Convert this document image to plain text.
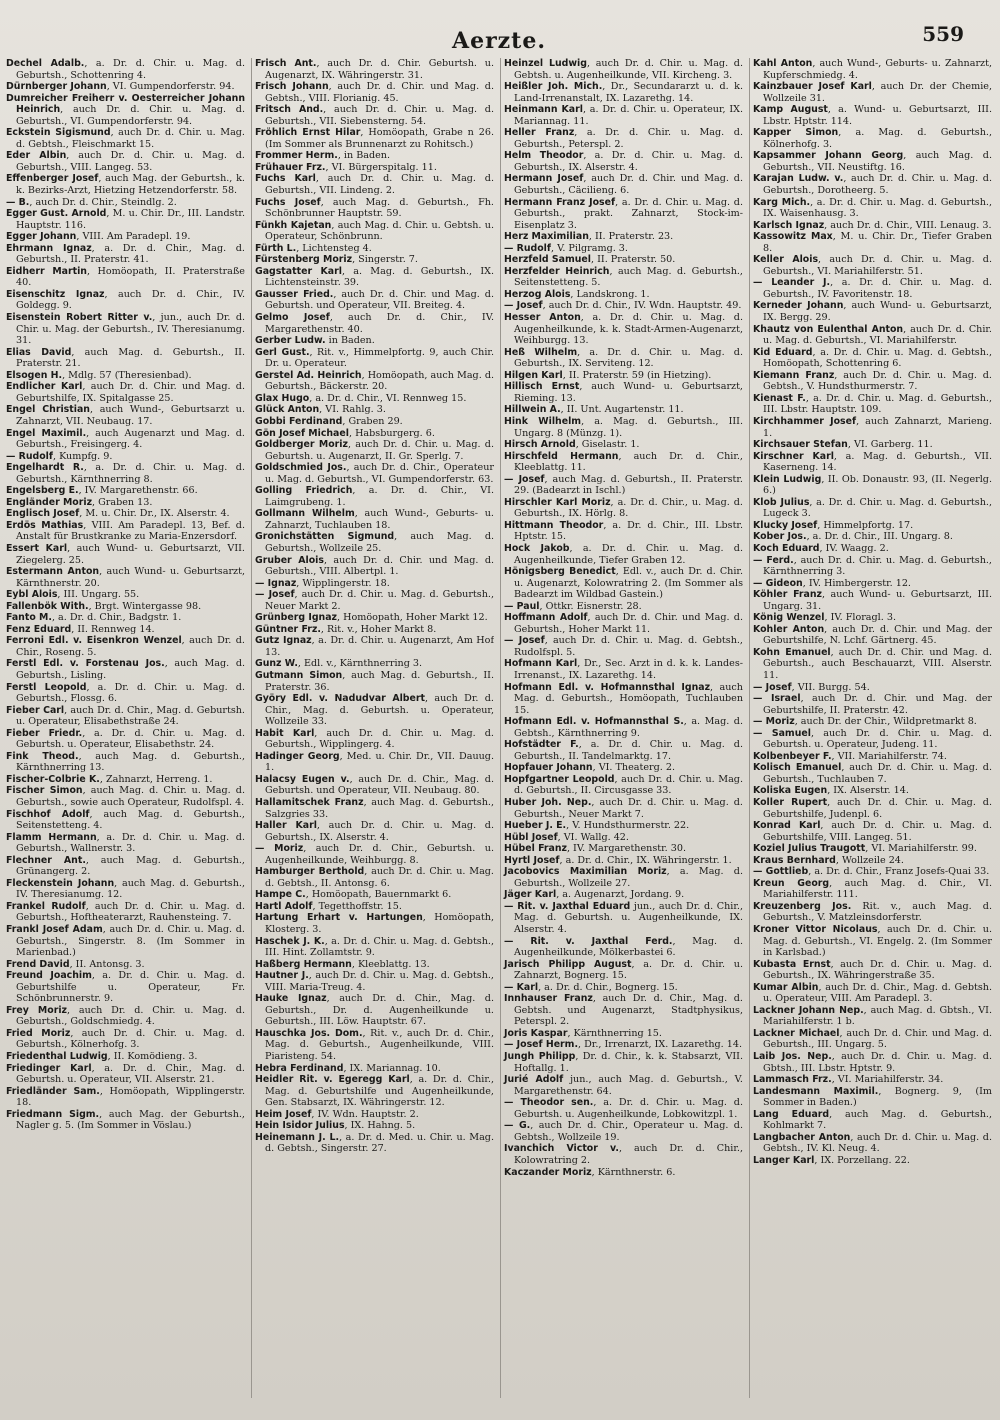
Aerzte.	559

Dechel Adalb., a. Dr. d. Chir. u. Mag. d. Geburtsh., Schottenring 4.

Dürnberger Johann, VI. Gumpendorferstr. 94.

Dumreicher Freiherr v. Oesterreicher Johann Heinrich, auch Dr. d. Chir. u. Mag. d. Geburtsh., VI. Gumpendorferstr. 94.

Eckstein Sigismund, auch Dr. d. Chir. u. Mag. d. Gebtsh., Fleischmarkt 15.

Eder Albin, auch Dr. d. Chir. u. Mag. d. Geburtsh., VIII. Langeg. 53.

Effenberger Josef, auch Mag. der Geburtsh., k. k. Bezirks-Arzt, Hietzing Hetzendorferstr. 58.

— B., auch Dr. d. Chir., Steindlg. 2.

Egger Gust. Arnold, M. u. Chir. Dr., III. Landstr. Hauptstr. 116.

Egger Johann, VIII. Am Paradepl. 19.

Ehrmann Ignaz, a. Dr. d. Chir., Mag. d. Geburtsh., II. Praterstr. 41.

Eidherr Martin, Homöopath, II. Praterstraße 40.

Eisenschitz Ignaz, auch Dr. d. Chir., IV. Goldegg. 9.

Eisenstein Robert Ritter v., jun., auch Dr. d. Chir. u. Mag. der Geburtsh., IV. Theresianumg. 31.

Elias David, auch Mag. d. Geburtsh., II. Praterstr. 21.

Elsogen H., Mdlg. 57 (Theresienbad).

Endlicher Karl, auch Dr. d. Chir. und Mag. d. Geburtshilfe, IX. Spitalgasse 25.

Engel Christian, auch Wund-, Geburtsarzt u. Zahnarzt, VII. Neubaug. 17.

Engel Maximil., auch Augenarzt und Mag. d. Geburtsh., Freisingerg. 4.

— Rudolf, Kumpfg. 9.

Engelhardt R., a. Dr. d. Chir. u. Mag. d. Geburtsh., Kärnthnerring 8.

Engelsberg E., IV. Margarethenstr. 66.

Engländer Moriz, Graben 13.

Englisch Josef, M. u. Chir. Dr., IX. Alserstr. 4.

Erdös Mathias, VIII. Am Paradepl. 13, Bef. d. Anstalt für Brustkranke zu Maria-Enzersdorf.

Essert Karl, auch Wund- u. Geburtsarzt, VII. Ziegelerg. 25.

Estermann Anton, auch Wund- u. Geburtsarzt, Kärnthnerstr. 20.

Eybl Alois, III. Ungarg. 55.

Fallenbök With., Brgt. Wintergasse 98.

Fanto M., a. Dr. d. Chir., Badgstr. 1.

Fenz Eduard, II. Rennweg 14.

Ferroni Edl. v. Eisenkron Wenzel, auch Dr. d. Chir., Roseng. 5.

Ferstl Edl. v. Forstenau Jos., auch Mag. d. Geburtsh., Lisling.

Ferstl Leopold, a. Dr. d. Chir. u. Mag. d. Geburtsh., Flossg. 6.

Fieber Carl, auch Dr. d. Chir., Mag. d. Geburtsh. u. Operateur, Elisabethstraße 24.

Fieber Friedr., a. Dr. d. Chir. u. Mag. d. Geburtsh. u. Operateur, Elisabethstr. 24.

Fink Theod., auch Mag. d. Geburtsh., Kärnthnerring 13.

Fischer-Colbrie K., Zahnarzt, Herreng. 1.

Fischer Simon, auch Mag. d. Chir. u. Mag. d. Geburtsh., sowie auch Operateur, Rudolfspl. 4.

Fischhof Adolf, auch Mag. d. Geburtsh., Seitenstetteng. 4.

Flamm Hermann, a. Dr. d. Chir. u. Mag. d. Geburtsh., Wallnerstr. 3.

Flechner Ant., auch Mag. d. Geburtsh., Grünangerg. 2.

Fleckenstein Johann, auch Mag. d. Geburtsh., IV. Theresianumg. 12.

Frankel Rudolf, auch Dr. d. Chir. u. Mag. d. Geburtsh., Hoftheaterarzt, Rauhensteing. 7.

Frankl Josef Adam, auch Dr. d. Chir. u. Mag. d. Geburtsh., Singerstr. 8. (Im Sommer in Marienbad.)

Frend David, II. Antonsg. 3.

Freund Joachim, a. Dr. d. Chir. u. Mag. d. Geburtshilfe u. Operateur, Fr. Schönbrunnerstr. 9.

Frey Moriz, auch Dr. d. Chir. u. Mag. d. Geburtsh., Goldschmiedg. 4.

Fried Moriz, auch Dr. d. Chir. u. Mag. d. Geburtsh., Kölnerhofg. 3.

Friedenthal Ludwig, II. Komödieng. 3.

Friedinger Karl, a. Dr. d. Chir., Mag. d. Geburtsh. u. Operateur, VII. Alserstr. 21.

Friedländer Sam., Homöopath, Wipplingerstr. 18.

Friedmann Sigm., auch Mag. der Geburtsh., Nagler g. 5. (Im Sommer in Vöslau.)

Frisch Ant., auch Dr. d. Chir. Geburtsh. u. Augenarzt, IX. Währingerstr. 31.

Frisch Johann, auch Dr. d. Chir. und Mag. d. Gebtsh., VIII. Florianig. 45.

Fritsch And., auch Dr. d. Chir. u. Mag. d. Geburtsh., VII. Siebensterng. 54.

Fröhlich Ernst Hilar, Homöopath, Grabe n 26. (Im Sommer als Brunnenarzt zu Rohitsch.)

Frommer Herm., in Baden.

Frühauer Frz., VI. Bürgerspitalg. 11.

Fuchs Karl, auch Dr. d. Chir. u. Mag. d. Geburtsh., VII. Lindeng. 2.

Fuchs Josef, auch Mag. d. Geburtsh., Fh. Schönbrunner Hauptstr. 59.

Fünkh Kajetan, auch Mag. d. Chir. u. Gebtsh. u. Operateur, Schönbrunn.

Fürth L., Lichtensteg 4.

Fürstenberg Moriz, Singerstr. 7.

Gagstatter Karl, a. Mag. d. Geburtsh., IX. Lichtensteinstr. 39.

Gausser Fried., auch Dr. d. Chir. und Mag. d. Geburtsh. und Operateur, VII. Breiteg. 4.

Gelmo Josef, auch Dr. d. Chir., IV. Margarethenstr. 40.

Gerber Ludw. in Baden.

Gerl Gust., Rit. v., Himmelpfortg. 9, auch Chir. Dr. u. Operateur.

Gerstel Ad. Heinrich, Homöopath, auch Mag. d. Geburtsh., Bäckerstr. 20.

Glax Hugo, a. Dr. d. Chir., VI. Rennweg 15.

Glück Anton, VI. Rahlg. 3.

Gobbi Ferdinand, Graben 29.

Gön Josef Michael, Habsburgerg. 6.

Goldberger Moriz, auch Dr. d. Chir. u. Mag. d. Geburtsh. u. Augenarzt, II. Gr. Sperlg. 7.

Goldschmied Jos., auch Dr. d. Chir., Operateur u. Mag. d. Geburtsh., VI. Gumpendorferstr. 63.

Golling Friedrich, a. Dr. d. Chir., VI. Laimgrubeng. 1.

Gollmann Wilhelm, auch Wund-, Geburts- u. Zahnarzt, Tuchlauben 18.

Gronichstätten Sigmund, auch Mag. d. Geburtsh., Wollzeile 25.

Gruber Alois, auch Dr. d. Chir. und Mag. d. Geburtsh., VIII. Albertpl. 1.

— Ignaz, Wipplingerstr. 18.

— Josef, auch Dr. d. Chir. u. Mag. d. Geburtsh., Neuer Markt 2.

Grünberg Ignaz, Homöopath, Hoher Markt 12.

Güntner Frz., Rit. v., Hoher Markt 8.

Gutz Ignaz, a. Dr. d. Chir. u. Augenarzt, Am Hof 13.

Gunz W., Edl. v., Kärnthnerring 3.

Gutmann Simon, auch Mag. d. Geburtsh., II. Praterstr. 36.

Györy Edl. v. Nadudvar Albert, auch Dr. d. Chir., Mag. d. Geburtsh. u. Operateur, Wollzeile 33.

Habit Karl, auch Dr. d. Chir. u. Mag. d. Geburtsh., Wipplingerg. 4.

Hadinger Georg, Med. u. Chir. Dr., VII. Dauug. 1.

Halacsy Eugen v., auch Dr. d. Chir., Mag. d. Geburtsh. und Operateur, VII. Neubaug. 80.

Hallamitschek Franz, auch Mag. d. Geburtsh., Salzgries 33.

Haller Karl, auch Dr. d. Chir. u. Mag. d. Geburtsh., IX. Alserstr. 4.

— Moriz, auch Dr. d. Chir., Geburtsh. u. Augenheilkunde, Weihburgg. 8.

Hamburger Berthold, auch Dr. d. Chir. u. Mag. d. Gebtsh., II. Antonsg. 6.

Hampe C., Homöopath, Bauernmarkt 6.

Hartl Adolf, Tegetthoffstr. 15.

Hartung Erhart v. Hartungen, Homöopath, Klosterg. 3.

Haschek J. K., a. Dr. d. Chir. u. Mag. d. Gebtsh., III. Hint. Zollamtstr. 9.

Haßberg Hermann, Kleeblattg. 13.

Hautner J., auch Dr. d. Chir. u. Mag. d. Gebtsh., VIII. Maria-Treug. 4.

Hauke Ignaz, auch Dr. d. Chir., Mag. d. Geburtsh., Dr. d. Augenheilkunde u. Geburtsh., III. Löw. Hauptstr. 67.

Hauschka Jos. Dom., Rit. v., auch Dr. d. Chir., Mag. d. Geburtsh., Augenheilkunde, VIII. Piaristeng. 54.

Hebra Ferdinand, IX. Mariannag. 10.

Heidler Rit. v. Egeregg Karl, a. Dr. d. Chir., Mag. d. Geburtshilfe und Augenheilkunde, Gen. Stabsarzt, IX. Währingerstr. 12.

Heim Josef, IV. Wdn. Hauptstr. 2.

Hein Isidor Julius, IX. Hahng. 5.

Heinemann J. L., a. Dr. d. Med. u. Chir. u. Mag. d. Gebtsh., Singerstr. 27.

Heinzel Ludwig, auch Dr. d. Chir. u. Mag. d. Gebtsh. u. Augenheilkunde, VII. Kircheng. 3.

Heißler Joh. Mich., Dr., Secundararzt u. d. k. Land-Irrenanstalt, IX. Lazarethg. 14.

Heinmann Karl, a. Dr. d. Chir. u. Operateur, IX. Mariannag. 11.

Heller Franz, a. Dr. d. Chir. u. Mag. d. Geburtsh., Peterspl. 2.

Helm Theodor, a. Dr. d. Chir. u. Mag. d. Geburtsh., IX. Alserstr. 4.

Hermann Josef, auch Dr. d. Chir. und Mag. d. Geburtsh., Cäcilieng. 6.

Hermann Franz Josef, a. Dr. d. Chir. u. Mag. d. Geburtsh., prakt. Zahnarzt, Stock-im-Eisenplatz 3.

Herz Maximilian, II. Praterstr. 23.

— Rudolf, V. Pilgramg. 3.

Herzfeld Samuel, II. Praterstr. 50.

Herzfelder Heinrich, auch Mag. d. Geburtsh., Seitenstetteng. 5.

Herzog Alois, Landskrong. 1.

— Josef, auch Dr. d. Chir., IV. Wdn. Hauptstr. 49.

Hesser Anton, a. Dr. d. Chir. u. Mag. d. Augenheilkunde, k. k. Stadt-Armen-Augenarzt, Weihburgg. 13.

Heß Wilhelm, a. Dr. d. Chir. u. Mag. d. Geburtsh., IX. Serviteng. 12.

Hilgen Karl, II. Praterstr. 59 (in Hietzing).

Hillisch Ernst, auch Wund- u. Geburtsarzt, Rieming. 13.

Hillwein A., II. Unt. Augartenstr. 11.

Hink Wilhelm, a. Mag. d. Geburtsh., III. Ungarg. 8 (Münzg. 1).

Hirsch Arnold, Giselastr. 1.

Hirschfeld Hermann, auch Dr. d. Chir., Kleeblattg. 11.

— Josef, auch Mag. d. Geburtsh., II. Praterstr. 29. (Badearzt in Ischl.)

Hirschler Karl Moriz, a. Dr. d. Chir., u. Mag. d. Geburtsh., IX. Hörlg. 8.

Hittmann Theodor, a. Dr. d. Chir., III. Lbstr. Hptstr. 15.

Hock Jakob, a. Dr. d. Chir. u. Mag. d. Augenheilkunde, Tiefer Graben 12.

Hönigsberg Benedict, Edl. v., auch Dr. d. Chir. u. Augenarzt, Kolowratring 2. (Im Sommer als Badearzt im Wildbad Gastein.)

— Paul, Ottkr. Eisnerstr. 28.

Hoffmann Adolf, auch Dr. d. Chir. und Mag. d. Geburtsh., Hoher Markt 11.

— Josef, auch Dr. d. Chir. u. Mag. d. Gebtsh., Rudolfspl. 5.

Hofmann Karl, Dr., Sec. Arzt in d. k. k. Landes-Irrenanst., IX. Lazarethg. 14.

Hofmann Edl. v. Hofmannsthal Ignaz, auch Mag. d. Geburtsh., Homöopath, Tuchlauben 15.

Hofmann Edl. v. Hofmannsthal S., a. Mag. d. Gebtsh., Kärnthnerring 9.

Hofstädter F., a. Dr. d. Chir. u. Mag. d. Geburtsh., II. Tandelmarktg. 17.

Hopfauer Johann, VI. Theaterg. 2.

Hopfgartner Leopold, auch Dr. d. Chir. u. Mag. d. Geburtsh., II. Circusgasse 33.

Huber Joh. Nep., auch Dr. d. Chir. u. Mag. d. Geburtsh., Neuer Markt 7.

Hueber J. E., V. Hundsthurmerstr. 22.

Hübl Josef, VI. Wallg. 42.

Hübel Franz, IV. Margarethenstr. 30.

Hyrtl Josef, a. Dr. d. Chir., IX. Währingerstr. 1.

Jacobovics Maximilian Moriz, a. Mag. d. Geburtsh., Wollzeile 27.

Jäger Karl, a. Augenarzt, Jordang. 9.

— Rit. v. Jaxthal Eduard jun., auch Dr. d. Chir., Mag. d. Geburtsh. u. Augenheilkunde, IX. Alserstr. 4.

— Rit. v. Jaxthal Ferd., Mag. d. Augenheilkunde, Mölkerbastei 6.

Jarisch Philipp August, a. Dr. d. Chir. u. Zahnarzt, Bognerg. 15.

— Karl, a. Dr. d. Chir., Bognerg. 15.

Innhauser Franz, auch Dr. d. Chir., Mag. d. Gebtsh. und Augenarzt, Stadtphysikus, Peterspl. 2.

Joris Kaspar, Kärnthnerring 15.

— Josef Herm., Dr., Irrenarzt, IX. Lazarethg. 14.

Jungh Philipp, Dr. d. Chir., k. k. Stabsarzt, VII. Hoftallg. 1.

Jurié Adolf jun., auch Mag. d. Geburtsh., V. Margarethenstr. 64.

— Theodor sen., a. Dr. d. Chir. u. Mag. d. Geburtsh. u. Augenheilkunde, Lobkowitzpl. 1.

— G., auch Dr. d. Chir., Operateur u. Mag. d. Gebtsh., Wollzeile 19.

Ivanchich Victor v., auch Dr. d. Chir., Kolowratring 2.

Kaczander Moriz, Kärnthnerstr. 6.

Kahl Anton, auch Wund-, Geburts- u. Zahnarzt, Kupferschmiedg. 4.

Kainzbauer Josef Karl, auch Dr. der Chemie, Wollzeile 31.

Kamp August, a. Wund- u. Geburtsarzt, III. Lbstr. Hptstr. 114.

Kapper Simon, a. Mag. d. Geburtsh., Kölnerhofg. 3.

Kapsammer Johann Georg, auch Mag. d. Geburtsh., VII. Neustiftg. 16.

Karajan Ludw. v., auch Dr. d. Chir. u. Mag. d. Geburtsh., Dorotheerg. 5.

Karg Mich., a. Dr. d. Chir. u. Mag. d. Geburtsh., IX. Waisenhausg. 3.

Karlsch Ignaz, auch Dr. d. Chir., VIII. Lenaug. 3.

Kassowitz Max, M. u. Chir. Dr., Tiefer Graben 8.

Keller Alois, auch Dr. d. Chir. u. Mag. d. Geburtsh., VI. Mariahilferstr. 51.

— Leander J., a. Dr. d. Chir. u. Mag. d. Geburtsh., IV. Favoritenstr. 18.

Kerneder Johann, auch Wund- u. Geburtsarzt, IX. Bergg. 29.

Khautz von Eulenthal Anton, auch Dr. d. Chir. u. Mag. d. Geburtsh., VI. Mariahilferstr.

Kid Eduard, a. Dr. d. Chir. u. Mag. d. Gebtsh., Homöopath, Schottenring 6.

Kiemann Franz, auch Dr. d. Chir. u. Mag. d. Gebtsh., V. Hundsthurmerstr. 7.

Kienast F., a. Dr. d. Chir. u. Mag. d. Geburtsh., III. Lbstr. Hauptstr. 109.

Kirchhammer Josef, auch Zahnarzt, Marieng. 1.

Kirchsauer Stefan, VI. Garberg. 11.

Kirschner Karl, a. Mag. d. Geburtsh., VII. Kaserneng. 14.

Klein Ludwig, II. Ob. Donaustr. 93, (II. Negerlg. 6.)

Klob Julius, a. Dr. d. Chir. u. Mag. d. Geburtsh., Lugeck 3.

Klucky Josef, Himmelpfortg. 17.

Kober Jos., a. Dr. d. Chir., III. Ungarg. 8.

Koch Eduard, IV. Waagg. 2.

— Ferd., auch Dr. d. Chir. u. Mag. d. Geburtsh., Kärnthnerring 3.

— Gideon, IV. Himbergerstr. 12.

Köhler Franz, auch Wund- u. Geburtsarzt, III. Ungarg. 31.

König Wenzel, IV. Floragl. 3.

Kohler Anton, auch Dr. d. Chir. und Mag. der Geburtshilfe, N. Lchf. Gärtnerg. 45.

Kohn Emanuel, auch Dr. d. Chir. und Mag. d. Geburtsh., auch Beschauarzt, VIII. Alserstr. 11.

— Josef, VII. Burgg. 54.

— Israel, auch Dr. d. Chir. und Mag. der Geburtshilfe, II. Praterstr. 42.

— Moriz, auch Dr. der Chir., Wildpretmarkt 8.

— Samuel, auch Dr. d. Chir. u. Mag. d. Geburtsh. u. Operateur, Judeng. 11.

Kolbenbeyer F., VII. Mariahilferstr. 74.

Kolisch Emanuel, auch Dr. d. Chir. u. Mag. d. Geburtsh., Tuchlauben 7.

Koliska Eugen, IX. Alserstr. 14.

Koller Rupert, auch Dr. d. Chir. u. Mag. d. Geburtshilfe, Judenpl. 6.

Konrad Karl, auch Dr. d. Chir. u. Mag. d. Geburtshilfe, VIII. Langeg. 51.

Koziel Julius Traugott, VI. Mariahilferstr. 99.

Kraus Bernhard, Wollzeile 24.

— Gottlieb, a. Dr. d. Chir., Franz Josefs-Quai 33.

Kreun Georg, auch Mag. d. Chir., VI. Mariahilferstr. 111.

Kreuzenberg Jos. Rit. v., auch Mag. d. Geburtsh., V. Matzleinsdorferstr.

Kroner Vittor Nicolaus, auch Dr. d. Chir. u. Mag. d. Geburtsh., VI. Engelg. 2. (Im Sommer in Karlsbad.)

Kubasta Ernst, auch Dr. d. Chir. u. Mag. d. Geburtsh., IX. Währingerstraße 35.

Kumar Albin, auch Dr. d. Chir., Mag. d. Gebtsh. u. Operateur, VIII. Am Paradepl. 3.

Lackner Johann Nep., auch Mag. d. Gbtsh., VI. Mariahilferstr. 1 b.

Lackner Michael, auch Dr. d. Chir. und Mag. d. Geburtsh., III. Ungarg. 5.

Laib Jos. Nep., auch Dr. d. Chir. u. Mag. d. Gbtsh., III. Lbstr. Hptstr. 9.

Lammasch Frz., VI. Mariahilferstr. 34.

Landesmann Maximil., Bognerg. 9, (Im Sommer in Baden.)

Lang Eduard, auch Mag. d. Geburtsh., Kohlmarkt 7.

Langbacher Anton, auch Dr. d. Chir. u. Mag. d. Gebtsh., IV. Kl. Neug. 4.

Langer Karl, IX. Porzellang. 22.
